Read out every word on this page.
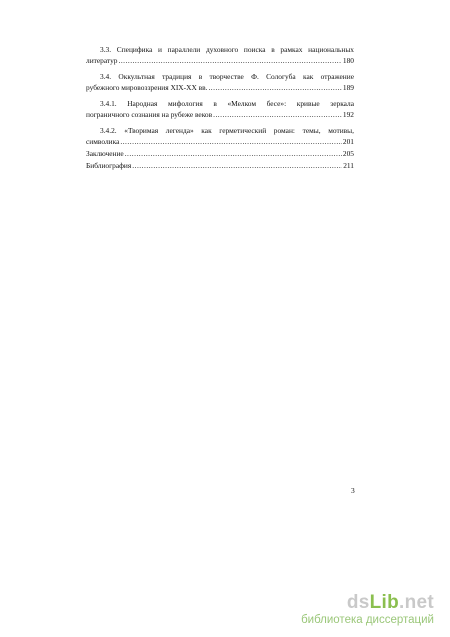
3.3. Специфика и параллели духовного поиска в рамках национальных
литератур .....	180
3.4. Оккультная традиция в творчестве Ф. Сологуба как отражение
рубежного мировоззрения XIX-XX вв. .....	189
3.4.1. Народная мифология в «Мелком бесе»: кривые зеркала
пограничного сознания на рубеже веков .....	192
3.4.2. «Творимая легенда» как герметический роман: темы, мотивы,
символика .....	201
Заключение .....	205
Библиография .....	211
3
dsLib.net
библиотека диссертаций
